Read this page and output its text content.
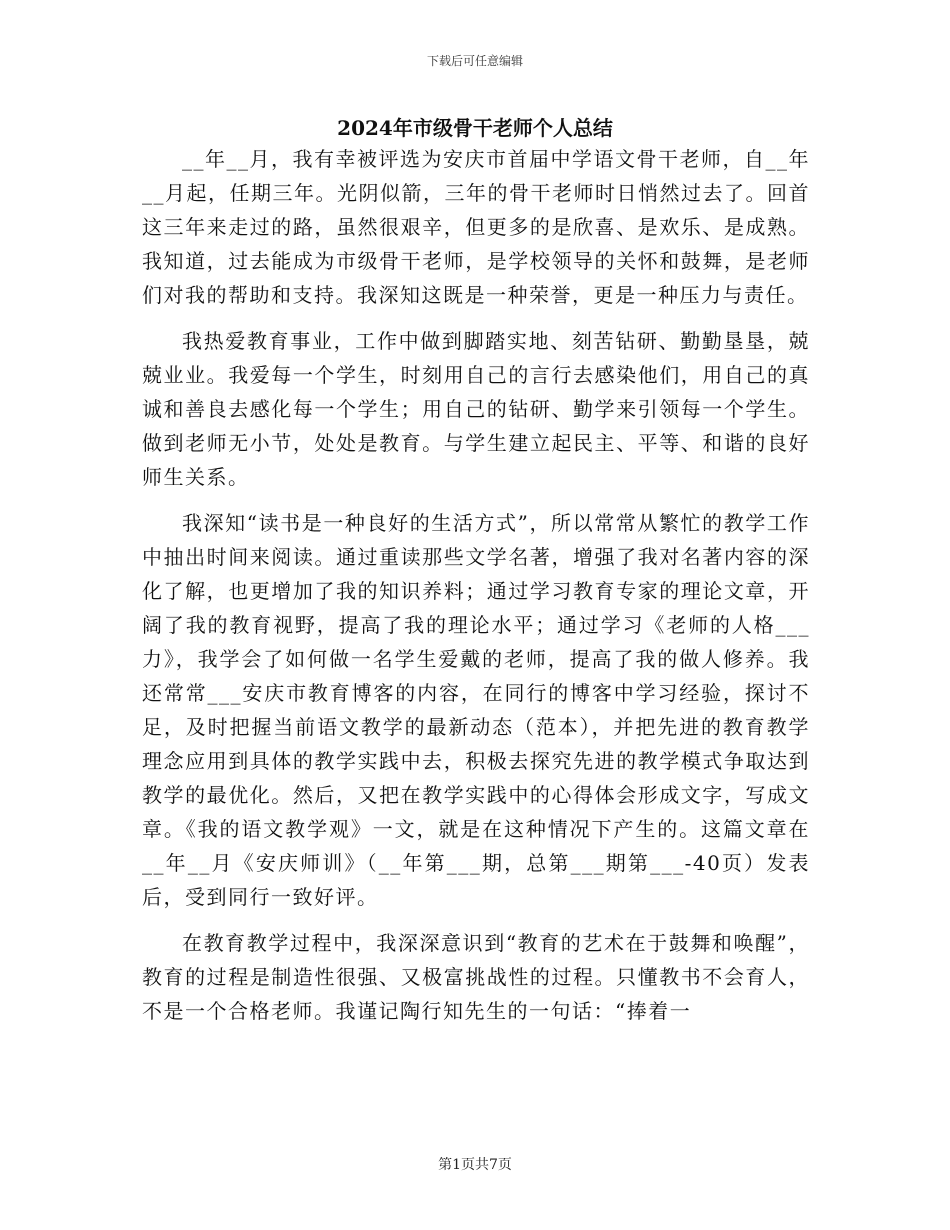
下载后可任意编辑
2024年市级骨干老师个人总结

__年__月，我有幸被评选为安庆市首届中学语文骨干老师，自__年__月起，任期三年。光阴似箭，三年的骨干老师时日悄然过去了。回首这三年来走过的路，虽然很艰辛，但更多的是欣喜、是欢乐、是成熟。我知道，过去能成为市级骨干老师，是学校领导的关怀和鼓舞，是老师们对我的帮助和支持。我深知这既是一种荣誉，更是一种压力与责任。

我热爱教育事业，工作中做到脚踏实地、刻苦钻研、勤勤垦垦，兢兢业业。我爱每一个学生，时刻用自己的言行去感染他们，用自己的真诚和善良去感化每一个学生；用自己的钻研、勤学来引领每一个学生。做到老师无小节，处处是教育。与学生建立起民主、平等、和谐的良好师生关系。

我深知“读书是一种良好的生活方式”，所以常常从繁忙的教学工作中抽出时间来阅读。通过重读那些文学名著，增强了我对名著内容的深化了解，也更增加了我的知识养料；通过学习教育专家的理论文章，开阔了我的教育视野，提高了我的理论水平；通过学习《老师的人格___力》，我学会了如何做一名学生爱戴的老师，提高了我的做人修养。我还常常___安庆市教育博客的内容，在同行的博客中学习经验，探讨不足，及时把握当前语文教学的最新动态（范本），并把先进的教育教学理念应用到具体的教学实践中去，积极去探究先进的教学模式争取达到教学的最优化。然后，又把在教学实践中的心得体会形成文字，写成文章。《我的语文教学观》一文，就是在这种情况下产生的。这篇文章在__年__月《安庆师训》（__年第___期，总第___期第___-40页）发表后，受到同行一致好评。

在教育教学过程中，我深深意识到“教育的艺术在于鼓舞和唤醒”，教育的过程是制造性很强、又极富挑战性的过程。只懂教书不会育人，不是一个合格老师。我谨记陶行知先生的一句话：“捧着一

第1页共7页
